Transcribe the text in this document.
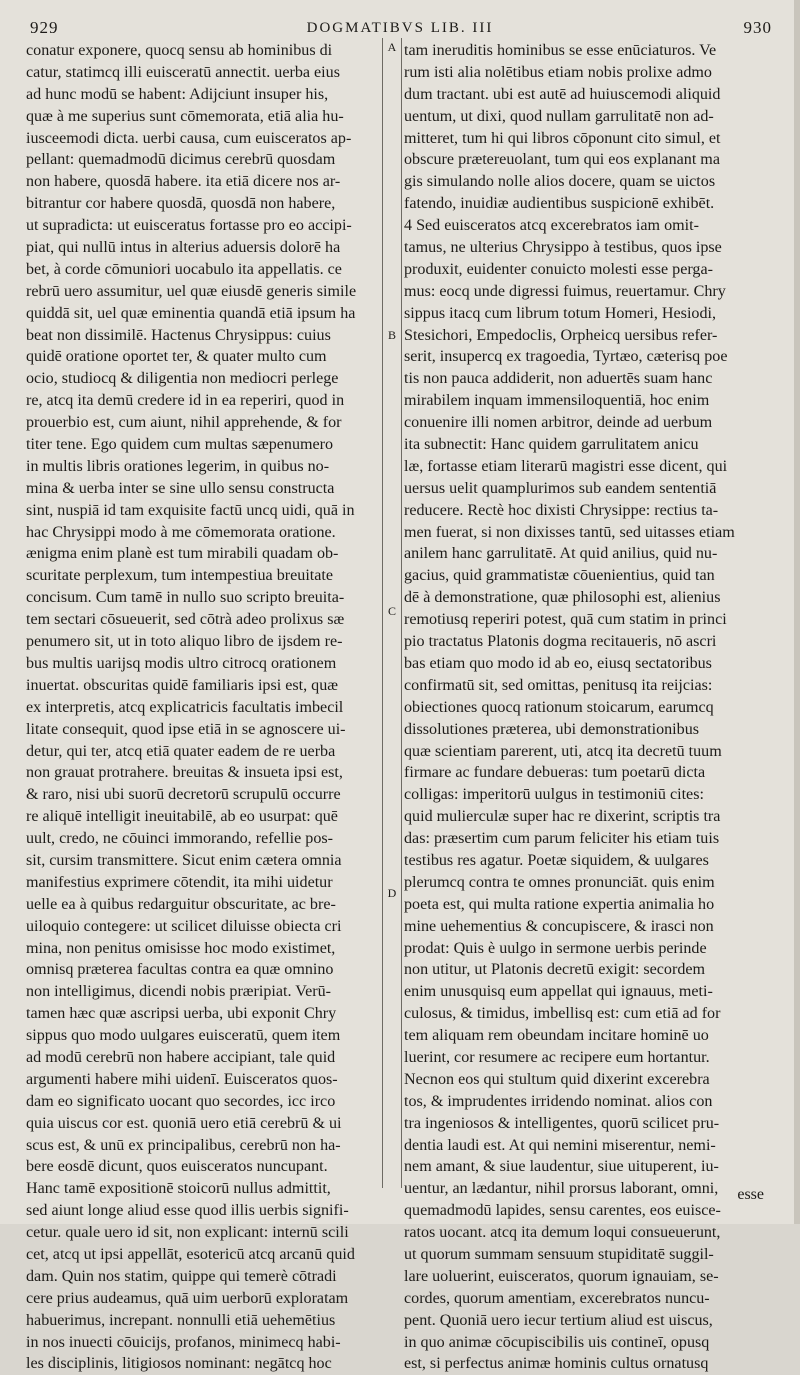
929	DOGMATIBVS LIB. III	930
conatur exponere, quocq sensu ab hominibus di
catur, statimcq illi euisceratū annectit. uerba eius
ad hunc modū se habent: Adijciunt insuper his,
quæ à me superius sunt cōmemorata, etiā alia hu-
iusceemodi dicta. uerbi causa, cum euisceratos ap-
pellant: quemadmodū dicimus cerebrū quosdam
non habere, quosdā habere. ita etiā dicere nos ar-
bitrantur cor habere quosdā, quosdā non habere,
ut supradicta: ut euisceratus fortasse pro eo accipi-
piat, qui nullū intus in alterius aduersis dolorē ha
bet, à corde cōmuniori uocabulo ita appellatis. ce
rebrū uero assumitur, uel quæ eiusdē generis simile
quiddā sit, uel quæ eminentia quandā etiā ipsum ha
beat non dissimilē. Hactenus Chrysippus: cuius
quidē oratione oportet ter, & quater multo cum
ocio, studiocq & diligentia non mediocri perlege
re, atcq ita demū credere id in ea reperiri, quod in
prouerbio est, cum aiunt, nihil apprehende, & for
titer tene. Ego quidem cum multas sæpenumero
in multis libris orationes legerim, in quibus no-
mina & uerba inter se sine ullo sensu constructa
sint, nuspiā id tam exquisite factū uncq uidi, quā in
hac Chrysippi modo à me cōmemorata oratione.
ænigma enim planè est tum mirabili quadam ob-
scuritate perplexum, tum intempestiua breuitate
concisum. Cum tamē in nullo suo scripto breuita-
tem sectari cōsueuerit, sed cōtrà adeo prolixus sæ
penumero sit, ut in toto aliquo libro de ijsdem re-
bus multis uarijsq modis ultro citrocq orationem
inuertat. obscuritas quidē familiaris ipsi est, quæ
ex interpretis, atcq explicatricis facultatis imbecil
litate consequit, quod ipse etiā in se agnoscere ui-
detur, qui ter, atcq etiā quater eadem de re uerba
non grauat protrahere. breuitas & insueta ipsi est,
& raro, nisi ubi suorū decretorū scrupulū occurre
re aliquē intelligit ineuitabilē, ab eo usurpat: quē
uult, credo, ne cōuinci immorando, refellie pos-
sit, cursim transmittere. Sicut enim cætera omnia
manifestius exprimere cōtendit, ita mihi uidetur
uelle ea à quibus redarguitur obscuritate, ac bre-
uiloquio contegere: ut scilicet diluisse obiecta cri
mina, non penitus omisisse hoc modo existimet,
omnisq præterea facultas contra ea quæ omnino
non intelligimus, dicendi nobis præripiat. Verū-
tamen hæc quæ ascripsi uerba, ubi exponit Chry
sippus quo modo uulgares euisceratū, quem item
ad modū cerebrū non habere accipiant, tale quid
argumenti habere mihi uidenī. Euisceratos quos-
dam eo significato uocant quo secordes, icc irco
quia uiscus cor est. quoniā uero etiā cerebrū & ui
scus est, & unū ex principalibus, cerebrū non ha-
bere eosdē dicunt, quos euisceratos nuncupant.
Hanc tamē expositionē stoicorū nullus admittit,
sed aiunt longe aliud esse quod illis uerbis signifi-
cetur. quale uero id sit, non explicant: internū scili
cet, atcq ut ipsi appellāt, esotericū atcq arcanū quid
dam. Quin nos statim, quippe qui temerè cōtradi
cere prius audeamus, quā uim uerborū exploratam
habuerimus, increpant. nonnulli etiā uehemētius
in nos inuecti cōuicijs, profanos, minimecq habi-
les disciplinis, litigiosos nominant: negātcq hoc
A
B
C
D
tam ineruditis hominibus se esse enūciaturos. Ve
rum isti alia nolētibus etiam nobis prolixe admo
dum tractant. ubi est autē ad huiuscemodi aliquid
uentum, ut dixi, quod nullam garrulitatē non ad-
mitteret, tum hi qui libros cōponunt cito simul, et
obscure prætereuolant, tum qui eos explanant ma
gis simulando nolle alios docere, quam se uictos
fatendo, inuidiæ audientibus suspicionē exhibēt.
4 Sed euisceratos atcq excerebratos iam omit-
tamus, ne ulterius Chrysippo à testibus, quos ipse
produxit, euidenter conuicto molesti esse perga-
mus: eocq unde digressi fuimus, reuertamur. Chry
sippus itacq cum librum totum Homeri, Hesiodi,
Stesichori, Empedoclis, Orpheicq uersibus refer-
serit, insupercq ex tragoedia, Tyrtæo, cæterisq poe
tis non pauca addiderit, non aduertēs suam hanc
mirabilem inquam immensiloquentiā, hoc enim
conuenire illi nomen arbitror, deinde ad uerbum
ita subnectit: Hanc quidem garrulitatem anicu
læ, fortasse etiam literarū magistri esse dicent, qui
uersus uelit quamplurimos sub eandem sententiā
reducere. Rectè hoc dixisti Chrysippe: rectius ta-
men fuerat, si non dixisses tantū, sed uitasses etiam
anilem hanc garrulitatē. At quid anilius, quid nu-
gacius, quid grammatistæ cōuenientius, quid tan
dē à demonstratione, quæ philosophi est, alienius
remotiusq reperiri potest, quā cum statim in princi
pio tractatus Platonis dogma recitaueris, nō ascri
bas etiam quo modo id ab eo, eiusq sectatoribus
confirmatū sit, sed omittas, penitusq ita reijcias:
obiectiones quocq rationum stoicarum, earumcq
dissolutiones præterea, ubi demonstrationibus
quæ scientiam parerent, uti, atcq ita decretū tuum
firmare ac fundare debueras: tum poetarū dicta
colligas: imperitorū uulgus in testimoniū cites:
quid mulierculæ super hac re dixerint, scriptis tra
das: præsertim cum parum feliciter his etiam tuis
testibus res agatur. Poetæ siquidem, & uulgares
plerumcq contra te omnes pronunciāt. quis enim
poeta est, qui multa ratione expertia animalia ho
mine uehementius & concupiscere, & irasci non
prodat: Quis è uulgo in sermone uerbis perinde
non utitur, ut Platonis decretū exigit: secordem
enim unusquisq eum appellat qui ignauus, meti-
culosus, & timidus, imbellisq est: cum etiā ad for
tem aliquam rem obeundam incitare hominē uo
luerint, cor resumere ac recipere eum hortantur.
Necnon eos qui stultum quid dixerint excerebra
tos, & imprudentes irridendo nominat. alios con
tra ingeniosos & intelligentes, quorū scilicet pru-
dentia laudi est. At qui nemini miserentur, nemi-
nem amant, & siue laudentur, siue uituperent, iu-
uentur, an lædantur, nihil prorsus laborant, omni,
quemadmodū lapides, sensu carentes, eos euisce-
ratos uocant. atcq ita demum loqui consueuerunt,
ut quorum summam sensuum stupiditatē suggil-
lare uoluerint, euisceratos, quorum ignauiam, se-
cordes, quorum amentiam, excerebratos nuncu-
pent. Quoniā uero iecur tertium aliud est uiscus,
in quo animæ cōcupiscibilis uis contineī, opusq
est, si perfectus animæ hominis cultus ornatusq
esse
